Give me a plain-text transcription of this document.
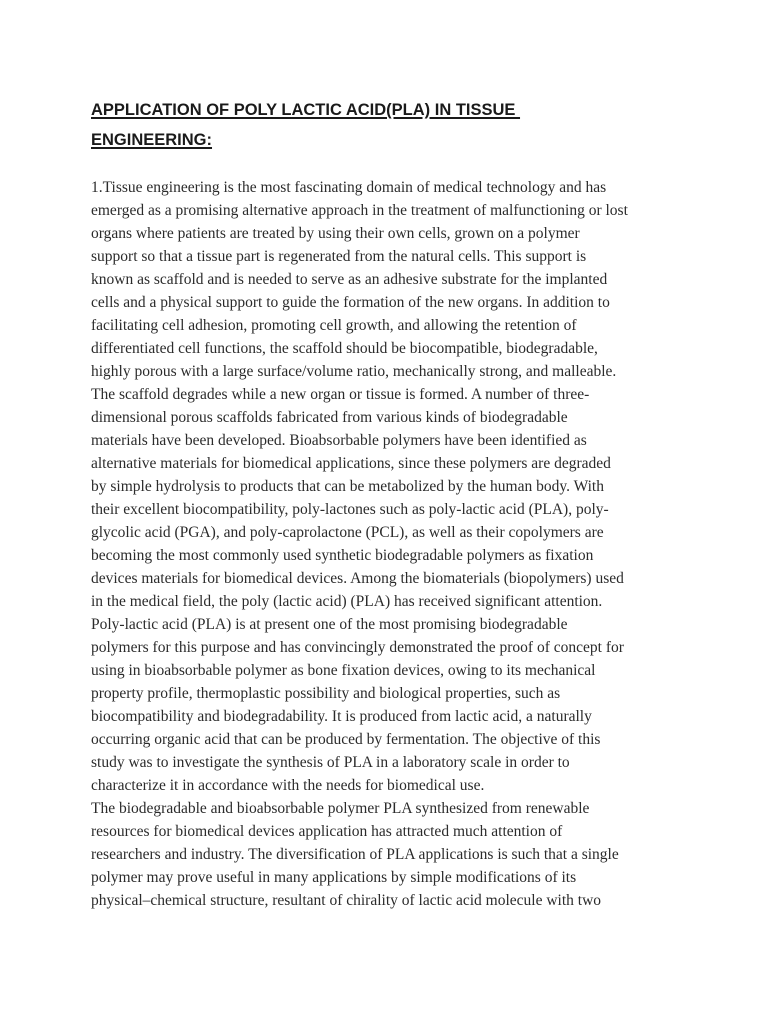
APPLICATION OF POLY LACTIC ACID(PLA) IN TISSUE
ENGINEERING:
1.Tissue engineering is the most fascinating domain of medical technology and has
emerged as a promising alternative approach in the treatment of malfunctioning or lost
organs where patients are treated by using their own cells, grown on a polymer
support so that a tissue part is regenerated from the natural cells. This support is
known as scaffold and is needed to serve as an adhesive substrate for the implanted
cells and a physical support to guide the formation of the new organs. In addition to
facilitating cell adhesion, promoting cell growth, and allowing the retention of
differentiated cell functions, the scaffold should be biocompatible, biodegradable,
highly porous with a large surface/volume ratio, mechanically strong, and malleable.
The scaffold degrades while a new organ or tissue is formed. A number of three-
dimensional porous scaffolds fabricated from various kinds of biodegradable
materials have been developed. Bioabsorbable polymers have been identified as
alternative materials for biomedical applications, since these polymers are degraded
by simple hydrolysis to products that can be metabolized by the human body. With
their excellent biocompatibility, poly-lactones such as poly-lactic acid (PLA), poly-
glycolic acid (PGA), and poly-caprolactone (PCL), as well as their copolymers are
becoming the most commonly used synthetic biodegradable polymers as fixation
devices materials for biomedical devices. Among the biomaterials (biopolymers) used
in the medical field, the poly (lactic acid) (PLA) has received significant attention.
Poly-lactic acid (PLA) is at present one of the most promising biodegradable
polymers for this purpose and has convincingly demonstrated the proof of concept for
using in bioabsorbable polymer as bone fixation devices, owing to its mechanical
property profile, thermoplastic possibility and biological properties, such as
biocompatibility and biodegradability. It is produced from lactic acid, a naturally
occurring organic acid that can be produced by fermentation. The objective of this
study was to investigate the synthesis of PLA in a laboratory scale in order to
characterize it in accordance with the needs for biomedical use.
The biodegradable and bioabsorbable polymer PLA synthesized from renewable
resources for biomedical devices application has attracted much attention of
researchers and industry. The diversification of PLA applications is such that a single
polymer may prove useful in many applications by simple modifications of its
physical–chemical structure, resultant of chirality of lactic acid molecule with two
